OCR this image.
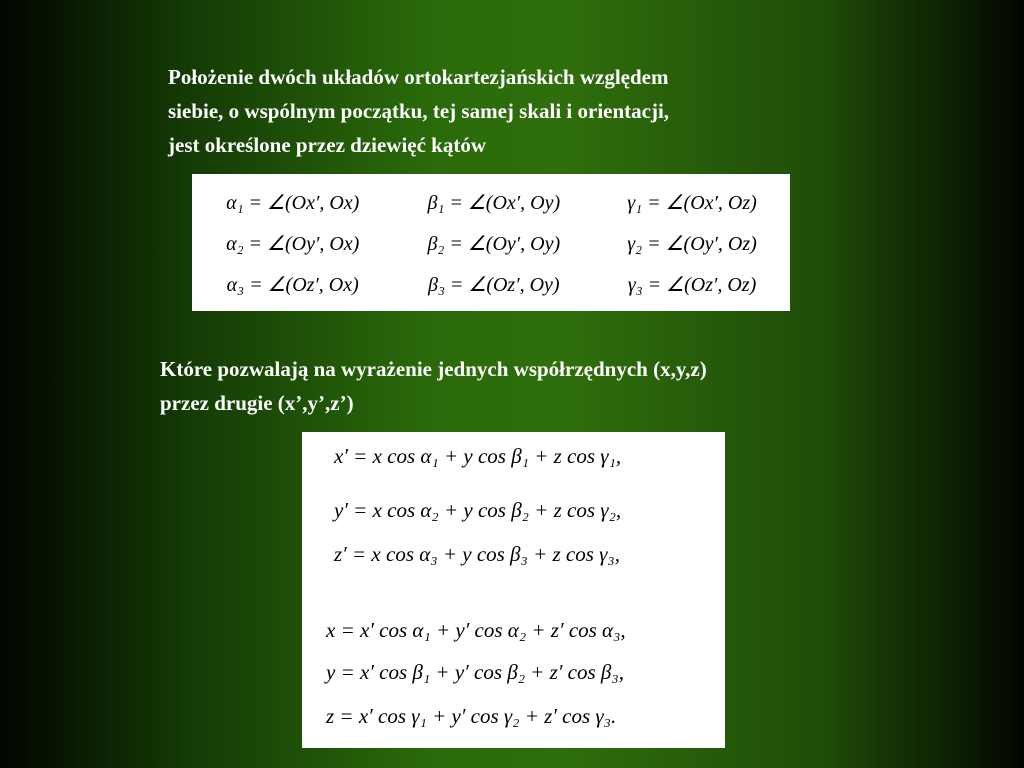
Położenie dwóch układów ortokartezjańskich względem
siebie, o wspólnym początku, tej samej skali i orientacji,
jest określone przez dziewięć kątów

α₁ = ∠(Ox′, Ox)	β₁ = ∠(Ox′, Oy)	γ₁ = ∠(Ox′, Oz)
α₂ = ∠(Oy′, Ox)	β₂ = ∠(Oy′, Oy)	γ₂ = ∠(Oy′, Oz)
α₃ = ∠(Oz′, Ox)	β₃ = ∠(Oz′, Oy)	γ₃ = ∠(Oz′, Oz)

Które pozwalają na wyrażenie jednych współrzędnych (x,y,z)
przez drugie (x’,y’,z’)

x′ = x cos α₁ + y cos β₁ + z cos γ₁,
y′ = x cos α₂ + y cos β₂ + z cos γ₂,
z′ = x cos α₃ + y cos β₃ + z cos γ₃,
x = x′ cos α₁ + y′ cos α₂ + z′ cos α₃,
y = x′ cos β₁ + y′ cos β₂ + z′ cos β₃,
z = x′ cos γ₁ + y′ cos γ₂ + z′ cos γ₃.
